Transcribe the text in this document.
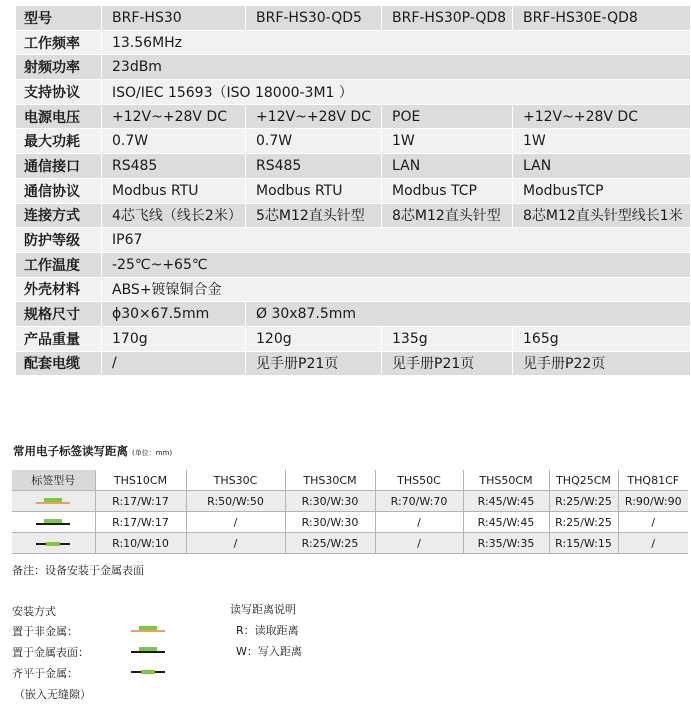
型号	BRF-HS30	BRF-HS30-QD5	BRF-HS30P-QD8	BRF-HS30E-QD8
工作频率	13.56MHz			
射频功率	23dBm			
支持协议	ISO/IEC 15693（ISO 18000-3M1 ）			
电源电压	+12V~+28V DC	+12V~+28V DC	POE	+12V~+28V DC
最大功耗	0.7W	0.7W	1W	1W
通信接口	RS485	RS485	LAN	LAN
通信协议	Modbus RTU	Modbus RTU	Modbus TCP	ModbusTCP
连接方式	4芯飞线（线长2米）	5芯M12直头针型	8芯M12直头针型	8芯M12直头针型线长1米
防护等级	IP67			
工作温度	-25℃~+65℃			
外壳材料	ABS+镀镍铜合金			
规格尺寸	ɸ30×67.5mm	Ø 30x87.5mm		
产品重量	170g	120g	135g	165g
配套电缆	/	见手册P21页	见手册P21页	见手册P22页
常用电子标签读写距离 (单位：mm)
标签型号	THS10CM	THS30C	THS30CM	THS50C	THS50CM	THQ25CM	THQ81CF

	R:17/W:17	R:50/W:50	R:30/W:30	R:70/W:70	R:45/W:45	R:25/W:25	R:90/W:90

	R:17/W:17	/	R:30/W:30	/	R:45/W:45	R:25/W:25	/

	R:10/W:10	/	R:25/W:25	/	R:35/W:35	R:15/W:15	/
备注：设备安装于金属表面
安装方式
置于非金属：
置于金属表面：
齐平于金属：
（嵌入无缝隙）
读写距离说明
R：读取距离
W：写入距离
